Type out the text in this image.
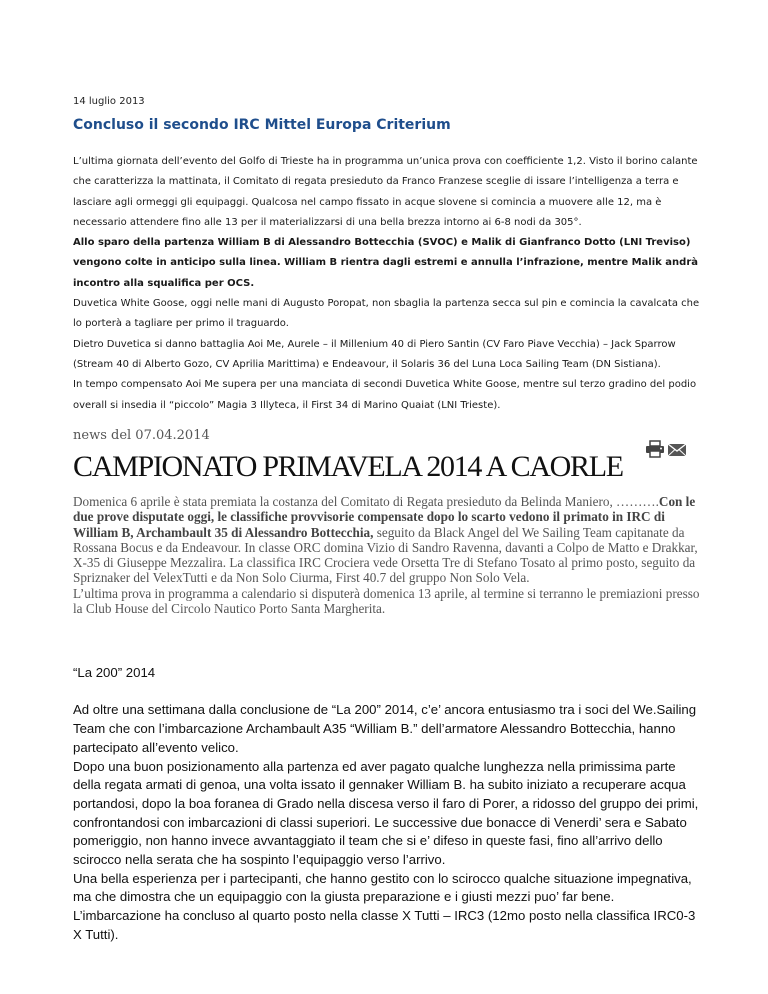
14 luglio 2013
Concluso il secondo IRC Mittel Europa Criterium

L’ultima giornata dell’evento del Golfo di Trieste ha in programma un’unica prova con coefficiente 1,2. Visto il borino calante che caratterizza la mattinata, il Comitato di regata presieduto da Franco Franzese sceglie di issare l’intelligenza a terra e lasciare agli ormeggi gli equipaggi. Qualcosa nel campo fissato in acque slovene si comincia a muovere alle 12, ma è necessario attendere fino alle 13 per il materializzarsi di una bella brezza intorno ai 6-8 nodi da 305°.

Allo sparo della partenza William B di Alessandro Bottecchia (SVOC) e Malik di Gianfranco Dotto (LNI Treviso) vengono colte in anticipo sulla linea. William B rientra dagli estremi e annulla l’infrazione, mentre Malik andrà incontro alla squalifica per OCS.

Duvetica White Goose, oggi nelle mani di Augusto Poropat, non sbaglia la partenza secca sul pin e comincia la cavalcata che lo porterà a tagliare per primo il traguardo.

Dietro Duvetica si danno battaglia Aoi Me, Aurele – il Millenium 40 di Piero Santin (CV Faro Piave Vecchia) – Jack Sparrow (Stream 40 di Alberto Gozo, CV Aprilia Marittima) e Endeavour, il Solaris 36 del Luna Loca Sailing Team (DN Sistiana).

In tempo compensato Aoi Me supera per una manciata di secondi Duvetica White Goose, mentre sul terzo gradino del podio overall si insedia il “piccolo” Magia 3 Illyteca, il First 34 di Marino Quaiat (LNI Trieste).

news del 07.04.2014
CAMPIONATO PRIMAVELA 2014 A CAORLE

Domenica 6 aprile è stata premiata la costanza del Comitato di Regata presieduto da Belinda Maniero, ……….Con le due prove disputate oggi, le classifiche provvisorie compensate dopo lo scarto vedono il primato in IRC di William B, Archambault 35 di Alessandro Bottecchia, seguito da Black Angel del We Sailing Team capitanate da Rossana Bocus e da Endeavour. In classe ORC domina Vizio di Sandro Ravenna, davanti a Colpo de Matto e Drakkar, X-35 di Giuseppe Mezzalira. La classifica IRC Crociera vede Orsetta Tre di Stefano Tosato al primo posto, seguito da Spriznaker del VelexTutti e da Non Solo Ciurma, First 40.7 del gruppo Non Solo Vela.

L’ultima prova in programma a calendario si disputerà domenica 13 aprile, al termine si terranno le premiazioni presso la Club House del Circolo Nautico Porto Santa Margherita.

“La 200” 2014

Ad oltre una settimana dalla conclusione de “La 200” 2014, c’e’ ancora entusiasmo tra i soci del We.Sailing Team che con l’imbarcazione Archambault A35 “William B.” dell’armatore Alessandro Bottecchia, hanno partecipato all’evento velico.

Dopo una buon posizionamento alla partenza ed aver pagato qualche lunghezza nella primissima parte della regata armati di genoa, una volta issato il gennaker William B. ha subito iniziato a recuperare acqua portandosi, dopo la boa foranea di Grado nella discesa verso il faro di Porer, a ridosso del gruppo dei primi, confrontandosi con imbarcazioni di classi superiori. Le successive due bonacce di Venerdi’ sera e Sabato pomeriggio, non hanno invece avvantaggiato il team che si e’ difeso in queste fasi, fino all’arrivo dello scirocco nella serata che ha sospinto l’equipaggio verso l’arrivo.

Una bella esperienza per i partecipanti, che hanno gestito con lo scirocco qualche situazione impegnativa, ma che dimostra che un equipaggio con la giusta preparazione e i giusti mezzi puo’ far bene. L’imbarcazione ha concluso al quarto posto nella classe X Tutti – IRC3 (12mo posto nella classifica IRC0-3 X Tutti).
